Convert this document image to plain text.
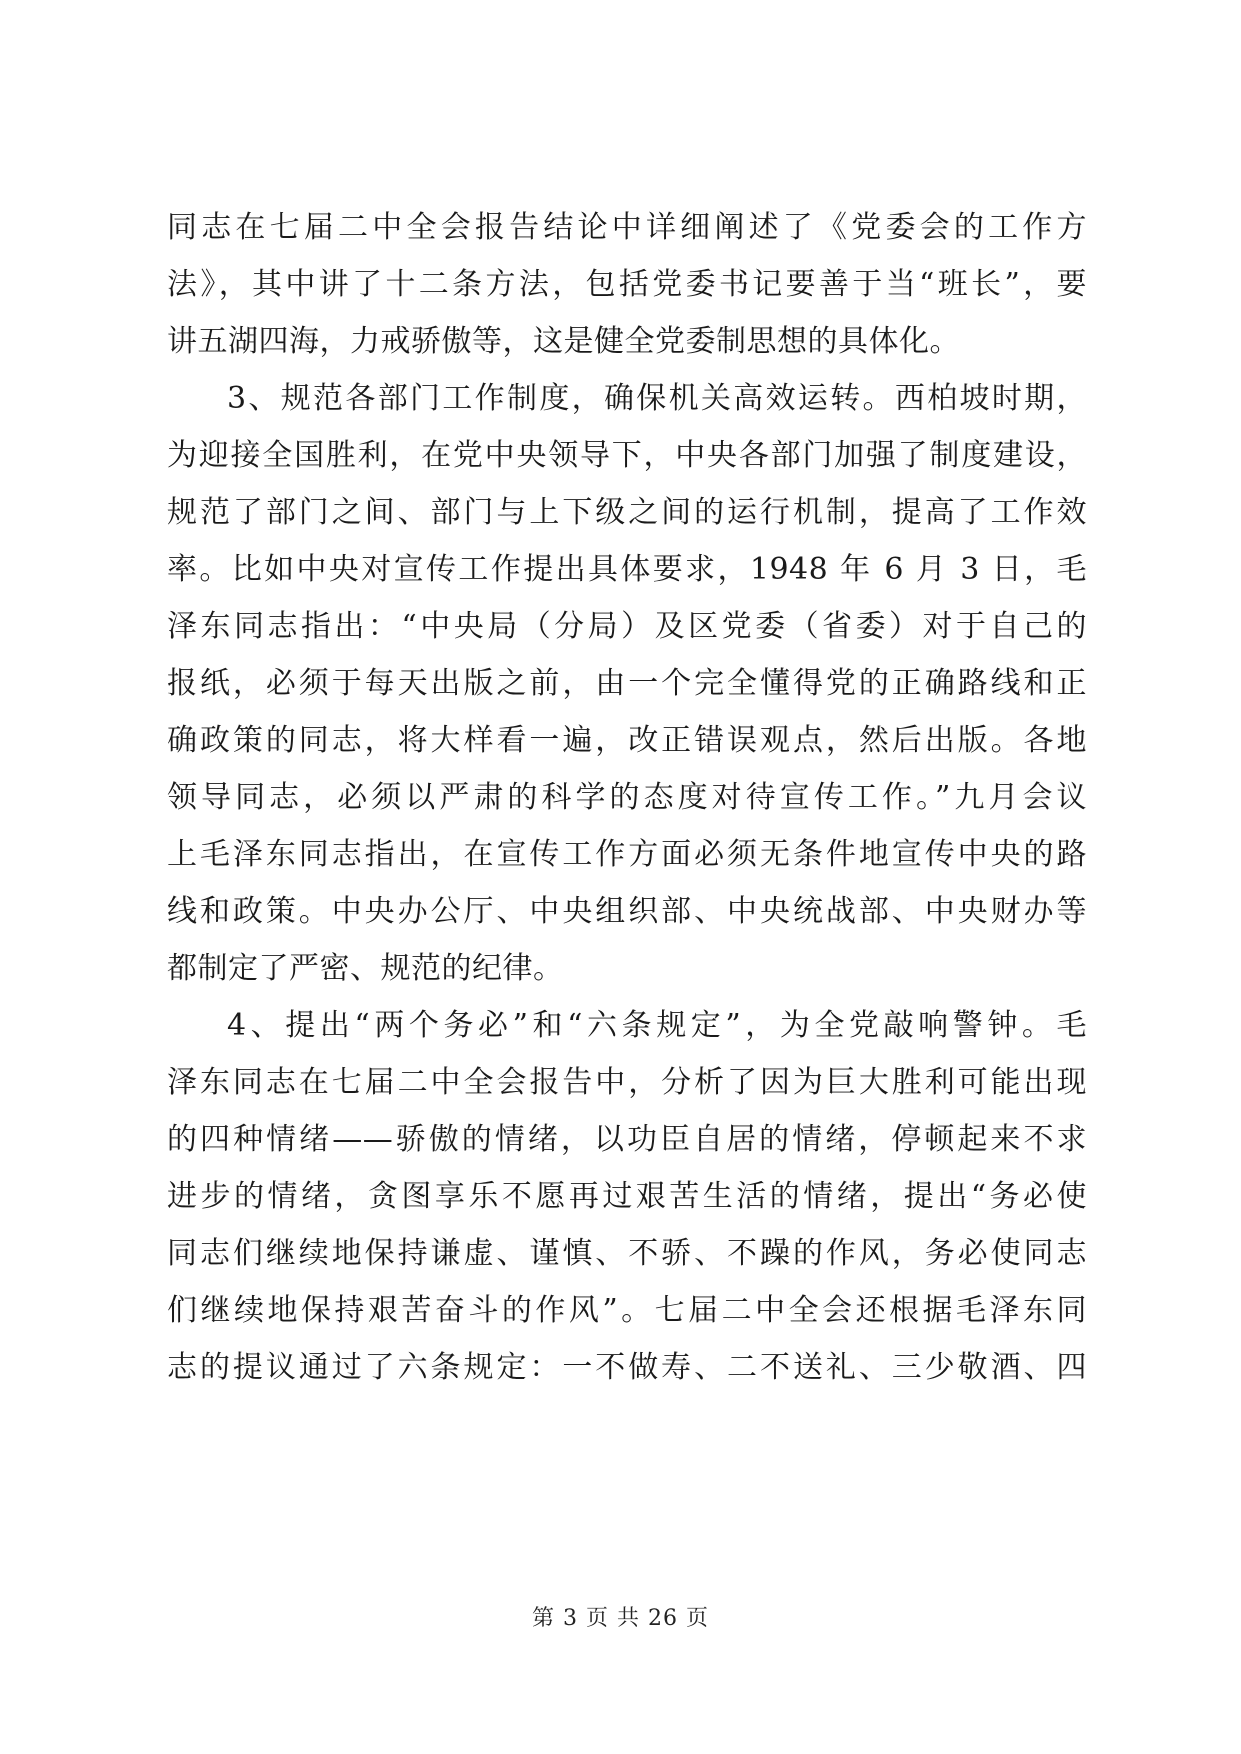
同志在七届二中全会报告结论中详细阐述了《党委会的工作方
法》，其中讲了十二条方法，包括党委书记要善于当“班长”，要
讲五湖四海，力戒骄傲等，这是健全党委制思想的具体化。
3、规范各部门工作制度，确保机关高效运转。西柏坡时期，
为迎接全国胜利，在党中央领导下，中央各部门加强了制度建设，
规范了部门之间、部门与上下级之间的运行机制，提高了工作效
率。比如中央对宣传工作提出具体要求，1948 年 6 月 3 日，毛
泽东同志指出：“中央局（分局）及区党委（省委）对于自己的
报纸，必须于每天出版之前，由一个完全懂得党的正确路线和正
确政策的同志，将大样看一遍，改正错误观点，然后出版。各地
领导同志，必须以严肃的科学的态度对待宣传工作。”九月会议
上毛泽东同志指出，在宣传工作方面必须无条件地宣传中央的路
线和政策。中央办公厅、中央组织部、中央统战部、中央财办等
都制定了严密、规范的纪律。
4、提出“两个务必”和“六条规定”，为全党敲响警钟。毛
泽东同志在七届二中全会报告中，分析了因为巨大胜利可能出现
的四种情绪——骄傲的情绪，以功臣自居的情绪，停顿起来不求
进步的情绪，贪图享乐不愿再过艰苦生活的情绪，提出“务必使
同志们继续地保持谦虚、谨慎、不骄、不躁的作风，务必使同志
们继续地保持艰苦奋斗的作风”。七届二中全会还根据毛泽东同
志的提议通过了六条规定：一不做寿、二不送礼、三少敬酒、四
第 3 页 共 26 页
